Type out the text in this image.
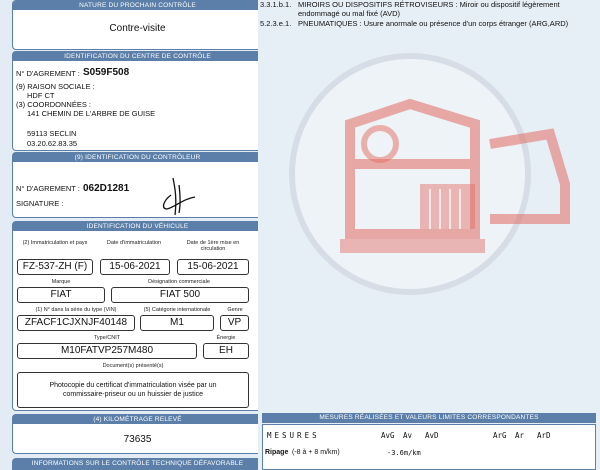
NATURE DU PROCHAIN CONTRÔLE
Contre-visite
IDENTIFICATION DU CENTRE DE CONTRÔLE
N° D'AGREMENT : S059F508
(9) RAISON SOCIALE :
HDF CT
(3) COORDONNÉES :
141 CHEMIN DE L'ARBRE DE GUISE
59113 SECLIN
03.20.62.83.35
(9) IDENTIFICATION DU CONTRÔLEUR
N° D'AGREMENT : 062D1281
SIGNATURE :
IDENTIFICATION DU VÉHICULE
(2) Immatriculation et pays	Date d'immatriculation	Date de 1ère mise en circulation
FZ-537-ZH (F)	15-06-2021	15-06-2021
Marque	Désignation commerciale
FIAT	FIAT 500
(1) N° dans la série du type (VIN)	(5) Catégorie internationale	Genre
ZFACF1CJXNJF40148	M1	VP
Type/CNIT	Énergie
M10FATVP257M480	EH
Document(s) présenté(s)
Photocopie du certificat d'immatriculation visée par un commissaire-priseur ou un huissier de justice
(4) KILOMÉTRAGE RELEVÉ
73635
INFORMATIONS SUR LE CONTRÔLE TECHNIQUE DÉFAVORABLE
3.3.1.b.1. MIROIRS OU DISPOSITIFS RÉTROVISEURS : Miroir ou dispositif légèrement endommagé ou mal fixé (AVD)
5.2.3.e.1. PNEUMATIQUES : Usure anormale ou présence d'un corps étranger (ARG,ARD)
MESURES RÉALISÉES ET VALEURS LIMITES CORRESPONDANTES
MESURES	AvG Av AvD	ArG Ar ArD
Ripage (-8 à + 8 m/km)	-3.6m/km
